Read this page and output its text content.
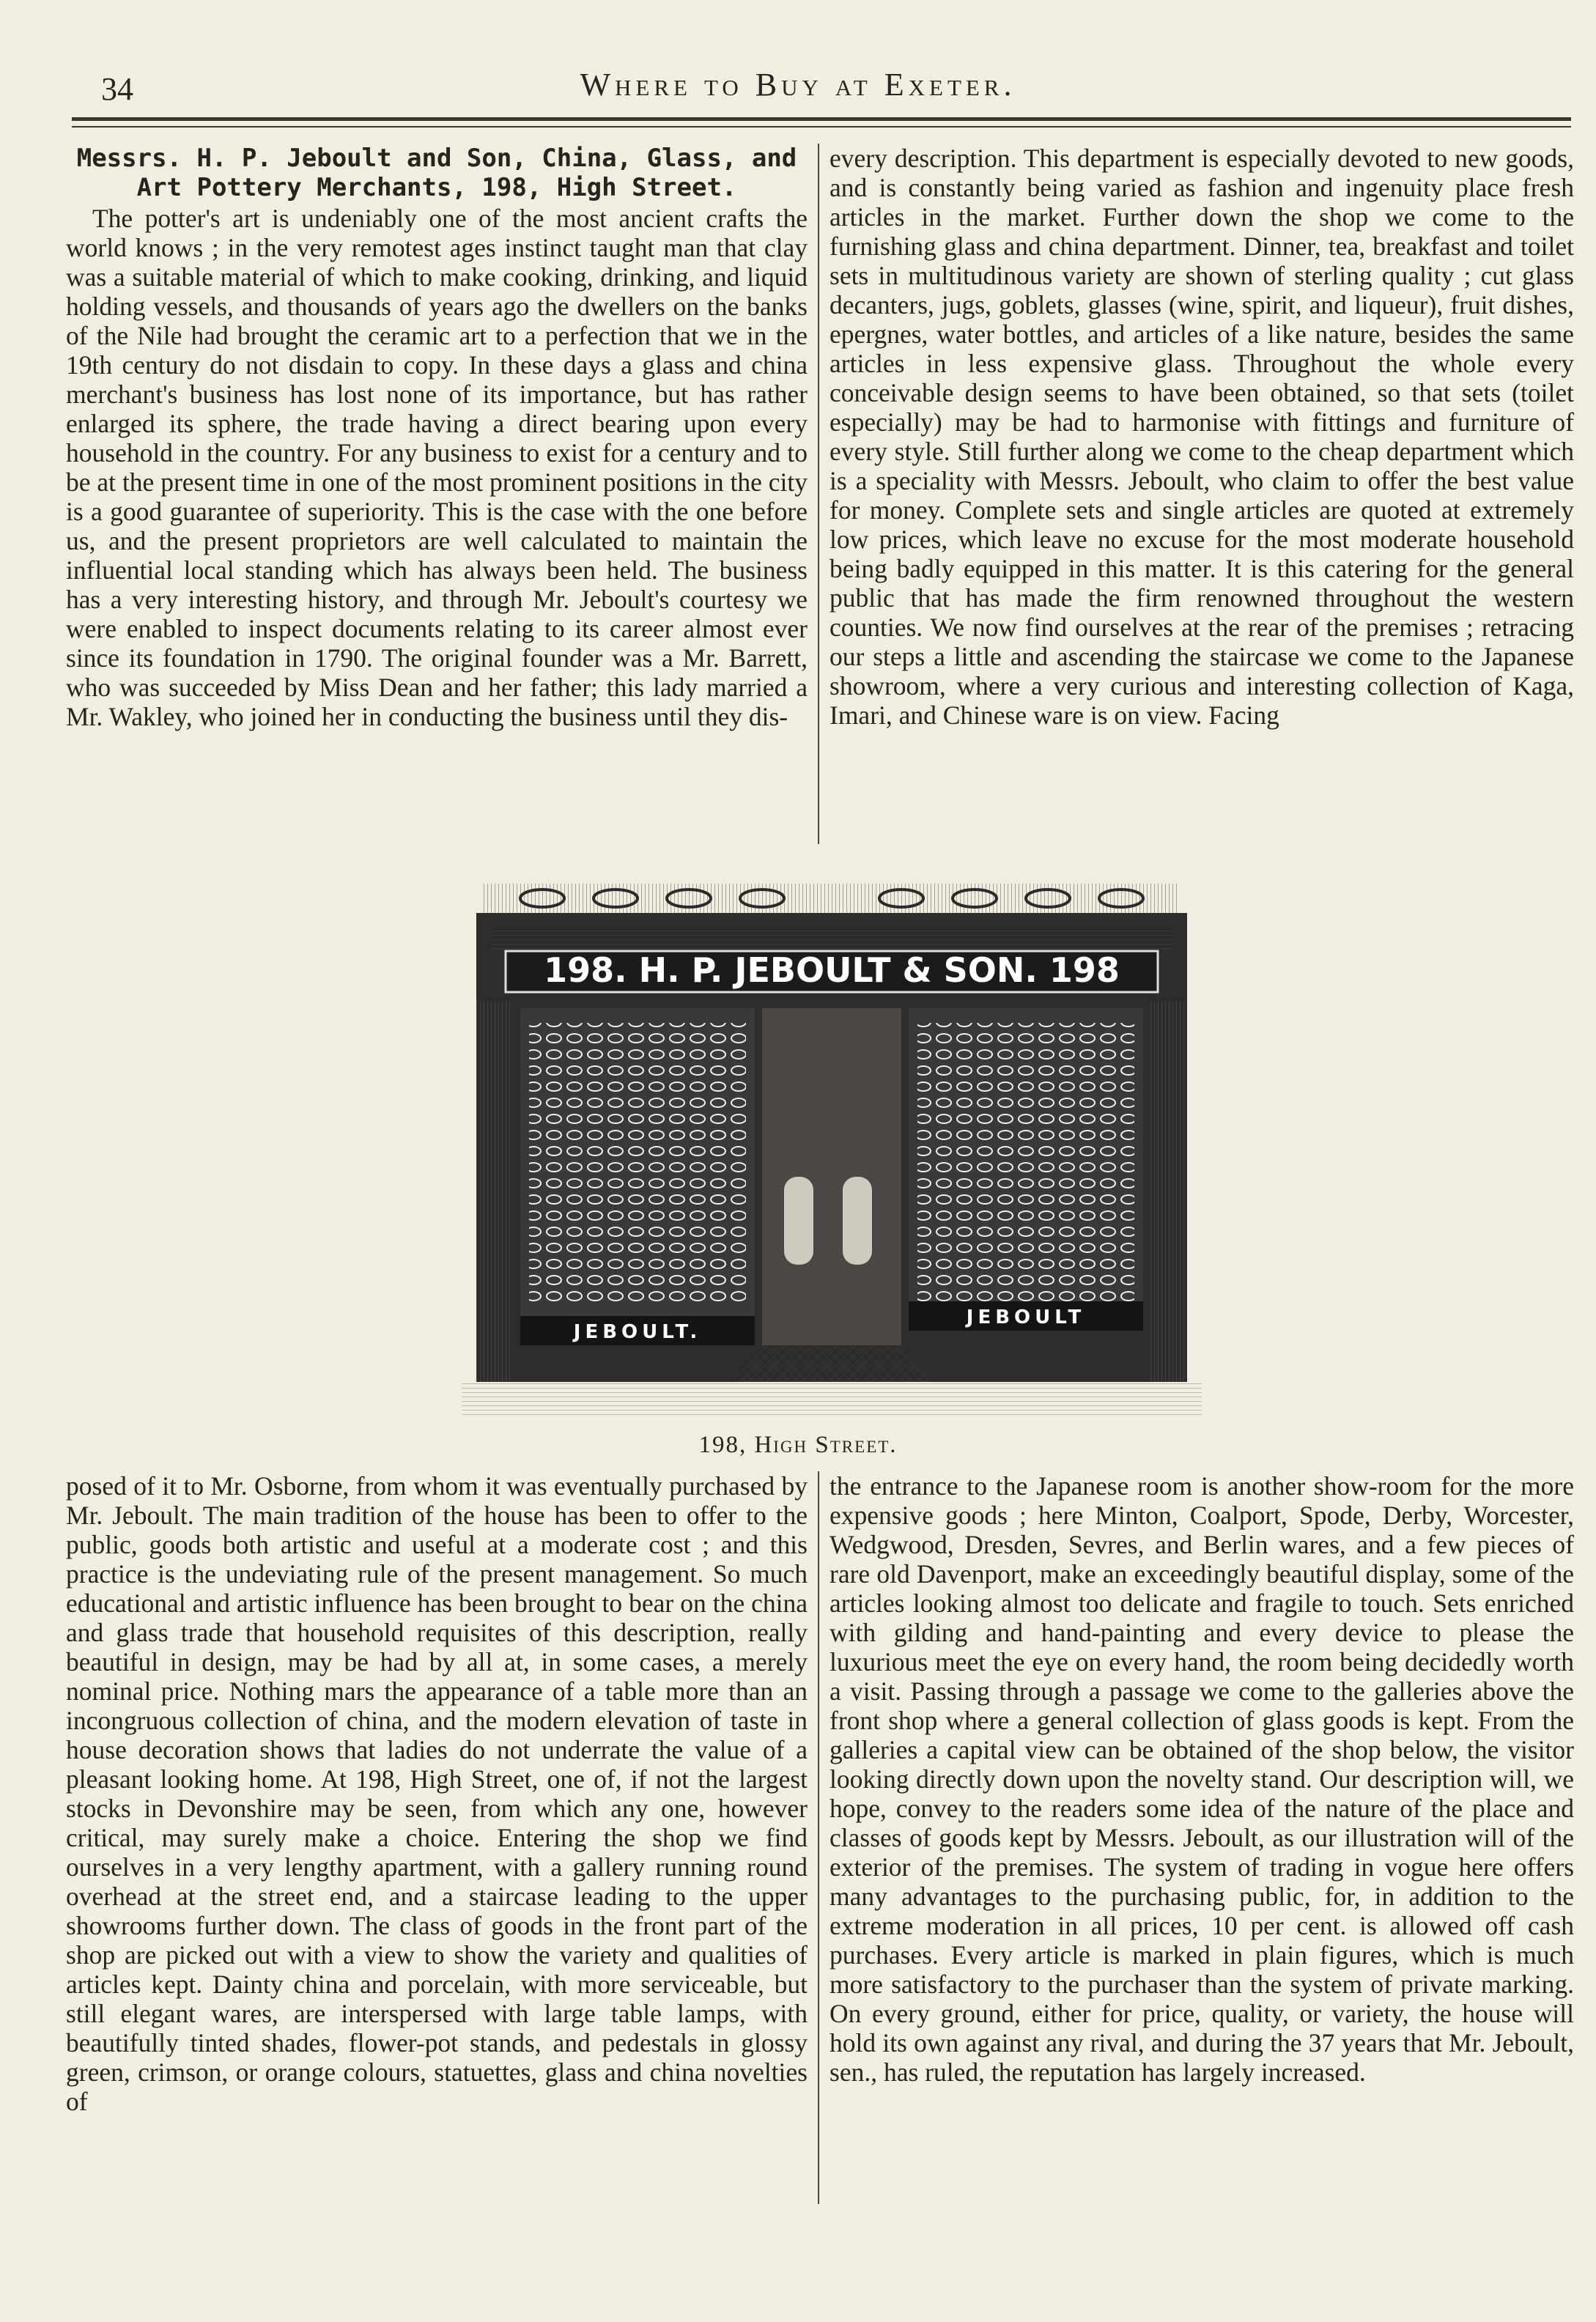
34	Where to Buy at Exeter.
Messrs. H. P. Jeboult and Son, China, Glass, and Art Pottery Merchants, 198, High Street.

The potter's art is undeniably one of the most ancient crafts the world knows ; in the very remotest ages instinct taught man that clay was a suitable material of which to make cooking, drinking, and liquid holding vessels, and thousands of years ago the dwellers on the banks of the Nile had brought the ceramic art to a perfection that we in the 19th century do not disdain to copy. In these days a glass and china merchant's business has lost none of its importance, but has rather enlarged its sphere, the trade having a direct bearing upon every household in the country. For any business to exist for a century and to be at the present time in one of the most prominent positions in the city is a good guarantee of superiority. This is the case with the one before us, and the present proprietors are well calculated to maintain the influential local standing which has always been held. The business has a very interesting history, and through Mr. Jeboult's courtesy we were enabled to inspect documents relating to its career almost ever since its foundation in 1790. The original founder was a Mr. Barrett, who was succeeded by Miss Dean and her father; this lady married a Mr. Wakley, who joined her in conducting the business until they dis-

every description. This department is especially devoted to new goods, and is constantly being varied as fashion and ingenuity place fresh articles in the market. Further down the shop we come to the furnishing glass and china department. Dinner, tea, breakfast and toilet sets in multitudinous variety are shown of sterling quality ; cut glass decanters, jugs, goblets, glasses (wine, spirit, and liqueur), fruit dishes, epergnes, water bottles, and articles of a like nature, besides the same articles in less expensive glass. Throughout the whole every conceivable design seems to have been obtained, so that sets (toilet especially) may be had to harmonise with fittings and furniture of every style. Still further along we come to the cheap department which is a speciality with Messrs. Jeboult, who claim to offer the best value for money. Complete sets and single articles are quoted at extremely low prices, which leave no excuse for the most moderate household being badly equipped in this matter. It is this catering for the general public that has made the firm renowned throughout the western counties. We now find ourselves at the rear of the premises ; retracing our steps a little and ascending the staircase we come to the Japanese showroom, where a very curious and interesting collection of Kaga, Imari, and Chinese ware is on view. Facing

198. H. P. JEBOULT & SON. 198
JEBOULT.
JEBOULT
198, High Street.

posed of it to Mr. Osborne, from whom it was eventually purchased by Mr. Jeboult. The main tradition of the house has been to offer to the public, goods both artistic and useful at a moderate cost ; and this practice is the undeviating rule of the present management. So much educational and artistic influence has been brought to bear on the china and glass trade that household requisites of this description, really beautiful in design, may be had by all at, in some cases, a merely nominal price. Nothing mars the appearance of a table more than an incongruous collection of china, and the modern elevation of taste in house decoration shows that ladies do not underrate the value of a pleasant looking home. At 198, High Street, one of, if not the largest stocks in Devonshire may be seen, from which any one, however critical, may surely make a choice. Entering the shop we find ourselves in a very lengthy apartment, with a gallery running round overhead at the street end, and a staircase leading to the upper showrooms further down. The class of goods in the front part of the shop are picked out with a view to show the variety and qualities of articles kept. Dainty china and porcelain, with more serviceable, but still elegant wares, are interspersed with large table lamps, with beautifully tinted shades, flower-pot stands, and pedestals in glossy green, crimson, or orange colours, statuettes, glass and china novelties of

the entrance to the Japanese room is another show-room for the more expensive goods ; here Minton, Coalport, Spode, Derby, Worcester, Wedgwood, Dresden, Sevres, and Berlin wares, and a few pieces of rare old Davenport, make an exceedingly beautiful display, some of the articles looking almost too delicate and fragile to touch. Sets enriched with gilding and hand-painting and every device to please the luxurious meet the eye on every hand, the room being decidedly worth a visit. Passing through a passage we come to the galleries above the front shop where a general collection of glass goods is kept. From the galleries a capital view can be obtained of the shop below, the visitor looking directly down upon the novelty stand. Our description will, we hope, convey to the readers some idea of the nature of the place and classes of goods kept by Messrs. Jeboult, as our illustration will of the exterior of the premises. The system of trading in vogue here offers many advantages to the purchasing public, for, in addition to the extreme moderation in all prices, 10 per cent. is allowed off cash purchases. Every article is marked in plain figures, which is much more satisfactory to the purchaser than the system of private marking. On every ground, either for price, quality, or variety, the house will hold its own against any rival, and during the 37 years that Mr. Jeboult, sen., has ruled, the reputation has largely increased.
